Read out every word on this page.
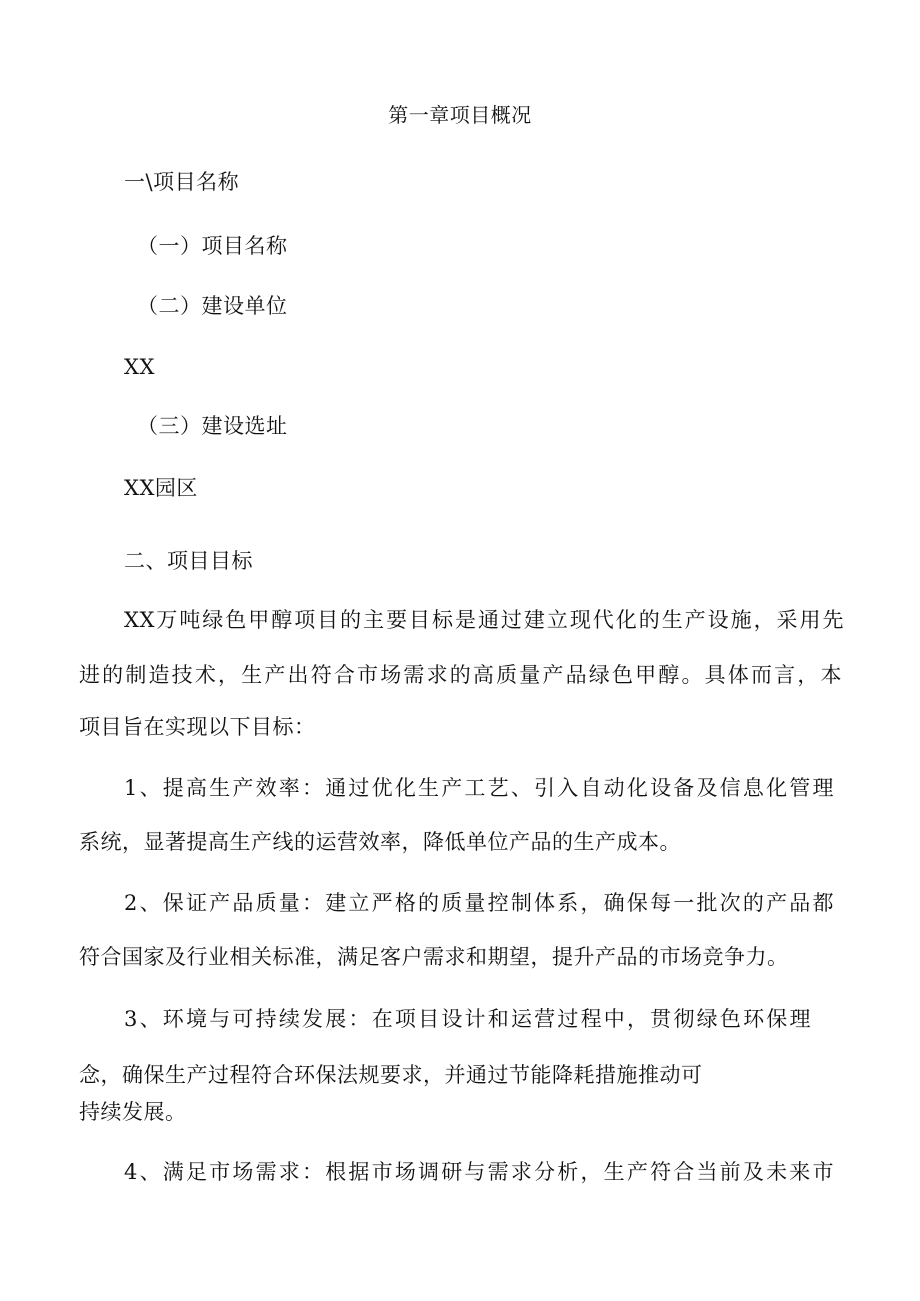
第一章项目概况
一\项目名称
（一）项目名称
（二）建设单位
XX
（三）建设选址
XX园区
二、项目目标
XX万吨绿色甲醇项目的主要目标是通过建立现代化的生产设施，采用先
进的制造技术，生产出符合市场需求的高质量产品绿色甲醇。具体而言，本
项目旨在实现以下目标：
1、提高生产效率：通过优化生产工艺、引入自动化设备及信息化管理
系统，显著提高生产线的运营效率，降低单位产品的生产成本。
2、保证产品质量：建立严格的质量控制体系，确保每一批次的产品都
符合国家及行业相关标准，满足客户需求和期望，提升产品的市场竞争力。
3、环境与可持续发展：在项目设计和运营过程中，贯彻绿色环保理
念，确保生产过程符合环保法规要求，并通过节能降耗措施推动可
持续发展。
4、满足市场需求：根据市场调研与需求分析，生产符合当前及未来市
